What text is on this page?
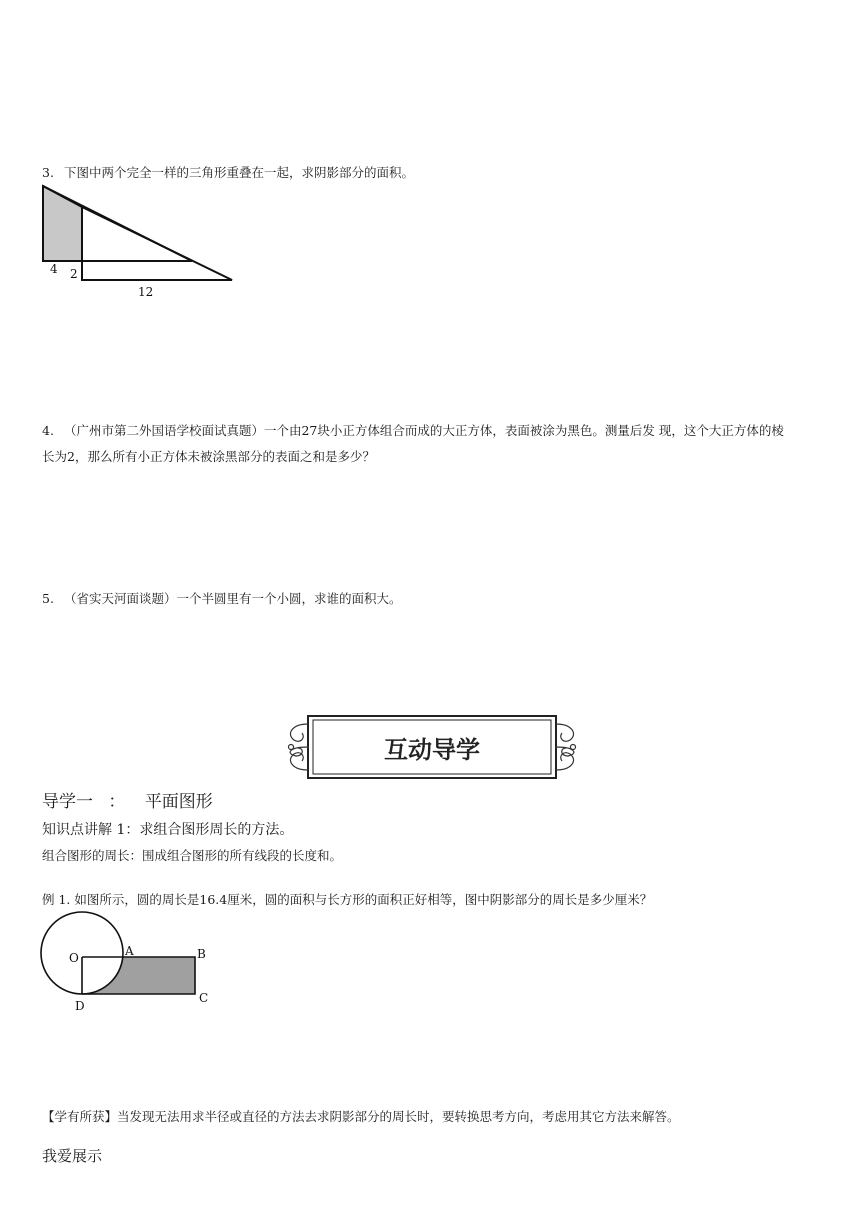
3. 下图中两个完全一样的三角形重叠在一起，求阴影部分的面积。
4 2
12
4. （广州市第二外国语学校面试真题）一个由27块小正方体组合而成的大正方体，表面被涂为黑色。测量后发 现，这个大正方体的棱长为2，那么所有小正方体未被涂黑部分的表面之和是多少？
5. （省实天河面谈题）一个半圆里有一个小圆，求谁的面积大。
互动导学
导学一 ： 平面图形
知识点讲解 1：求组合图形周长的方法。
组合图形的周长：围成组合图形的所有线段的长度和。
例 1. 如图所示，圆的周长是16.4厘米，圆的面积与长方形的面积正好相等，图中阴影部分的周长是多少厘米？
O	A	B
C
D
【学有所获】当发现无法用求半径或直径的方法去求阴影部分的周长时，要转换思考方向，考虑用其它方法来解答。
我爱展示
